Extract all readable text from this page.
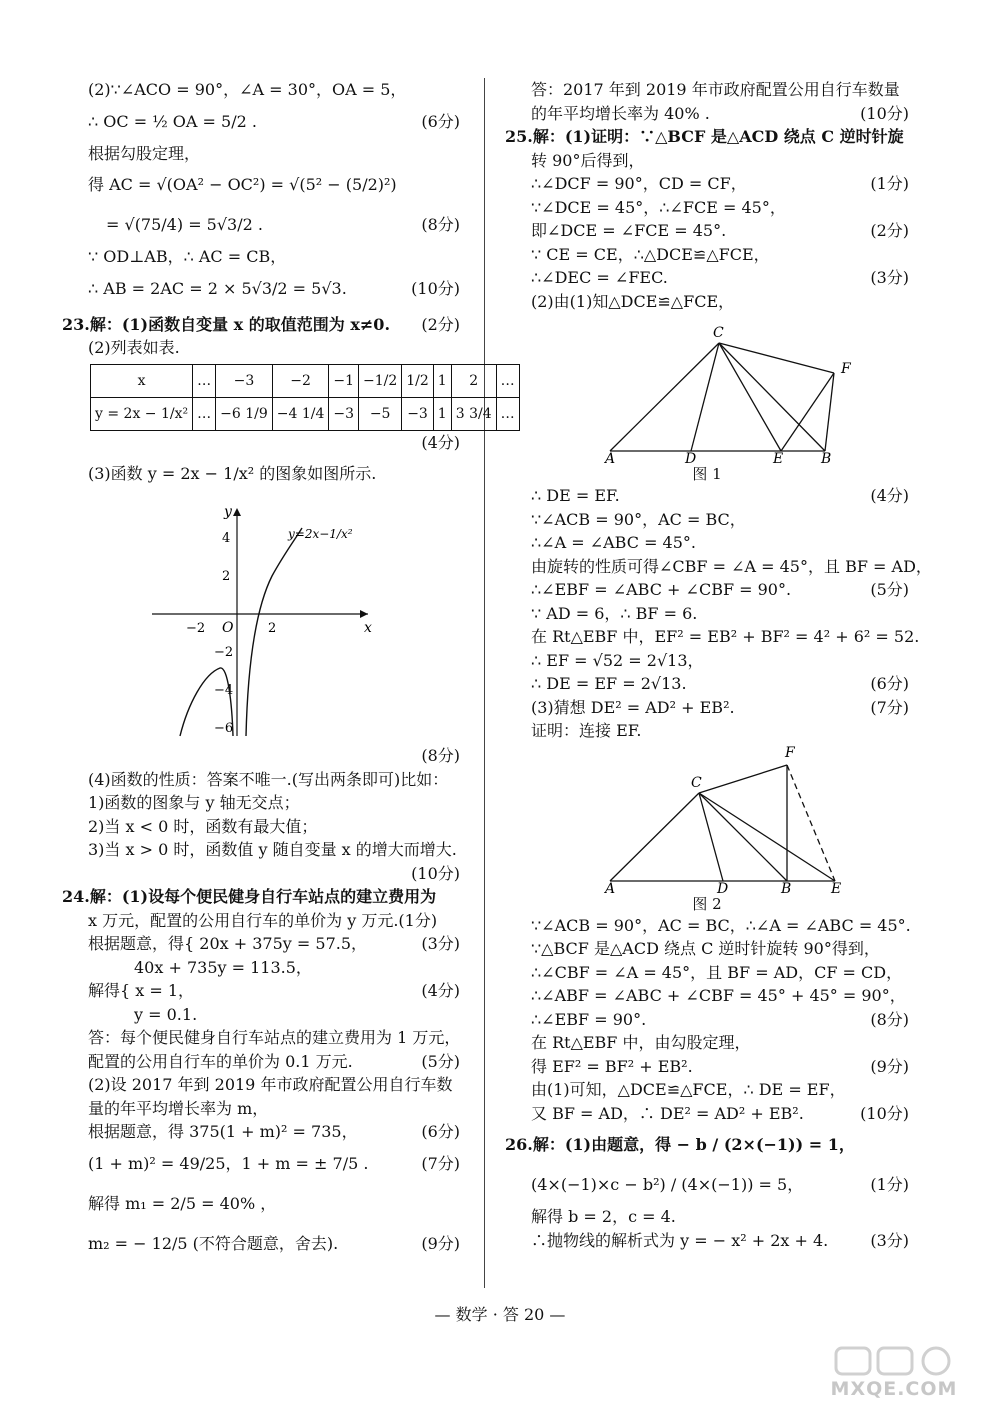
(2)∵∠ACO = 90°，∠A = 30°，OA = 5，
∴ OC = ½ OA = 5/2 .	(6分)
根据勾股定理，
得 AC = √(OA² − OC²) = √(5² − (5/2)²)
= √(75/4) = 5√3/2 .	(8分)
∵ OD⊥AB，∴ AC = CB，
∴ AB = 2AC = 2 × 5√3/2 = 5√3.	(10分)
23.解：(1)函数自变量 x 的取值范围为 x≠0. (2分)
(2)列表如表.
x	…	−3	−2	−1	−1/2	1/2	1	2	…
y = 2x − 1/x²	…	−6 1/9	−4 1/4	−3	−5	−3	1	3 3/4	…

(4分)
(3)函数 y = 2x − 1/x² 的图象如图所示.
x
y
O
−2	2
4
2
−2
−4
−6
y=2x−1/x²

(8分)
(4)函数的性质：答案不唯一.(写出两条即可)比如：
1)函数的图象与 y 轴无交点；
2)当 x < 0 时，函数有最大值；
3)当 x > 0 时，函数值 y 随自变量 x 的增大而增大.

(10分)
24.解：(1)设每个便民健身自行车站点的建立费用为
x 万元，配置的公用自行车的单价为 y 万元.(1分)
根据题意，得{ 20x + 375y = 57.5，	(3分)
40x + 735y = 113.5，
解得{ x = 1，	(4分)
y = 0.1.
答：每个便民健身自行车站点的建立费用为 1 万元，
配置的公用自行车的单价为 0.1 万元.	(5分)
(2)设 2017 年到 2019 年市政府配置公用自行车数
量的年平均增长率为 m，
根据题意，得 375(1 + m)² = 735，	(6分)
(1 + m)² = 49/25，1 + m = ± 7/5 .	(7分)
解得 m₁ = 2/5 = 40% ，
m₂ = − 12/5 (不符合题意，舍去).	(9分)
答：2017 年到 2019 年市政府配置公用自行车数量
的年平均增长率为 40% .	(10分)
25.解：(1)证明：∵△BCF 是△ACD 绕点 C 逆时针旋
转 90°后得到，
∴∠DCF = 90°，CD = CF，	(1分)
∵∠DCE = 45°，∴∠FCE = 45°，
即∠DCE = ∠FCE = 45°.	(2分)
∵ CE = CE，∴△DCE≌△FCE，
∴∠DEC = ∠FEC.	(3分)
(2)由(1)知△DCE≌△FCE，
C
F
A	D	E	B
图 1
∴ DE = EF.	(4分)
∵∠ACB = 90°，AC = BC，
∴∠A = ∠ABC = 45°.
由旋转的性质可得∠CBF = ∠A = 45°，且 BF = AD，
∴∠EBF = ∠ABC + ∠CBF = 90°.	(5分)
∵ AD = 6，∴ BF = 6.
在 Rt△EBF 中，EF² = EB² + BF² = 4² + 6² = 52.
∴ EF = √52 = 2√13，
∴ DE = EF = 2√13.	(6分)
(3)猜想 DE² = AD² + EB².	(7分)
证明：连接 EF.
F
C
A	D	B	E
图 2
∵∠ACB = 90°，AC = BC，∴∠A = ∠ABC = 45°.
∵△BCF 是△ACD 绕点 C 逆时针旋转 90°得到，
∴∠CBF = ∠A = 45°，且 BF = AD，CF = CD，
∴∠ABF = ∠ABC + ∠CBF = 45° + 45° = 90°，
∴∠EBF = 90°.	(8分)
在 Rt△EBF 中，由勾股定理，
得 EF² = BF² + EB².	(9分)
由(1)可知，△DCE≌△FCE，∴ DE = EF，
又 BF = AD，∴ DE² = AD² + EB².	(10分)
26.解：(1)由题意，得 − b / (2×(−1)) = 1，
(4×(−1)×c − b²) / (4×(−1)) = 5，	(1分)
解得 b = 2，c = 4.
∴抛物线的解析式为 y = − x² + 2x + 4.	(3分)
— 数学 · 答 20 —
MXQE.COM
